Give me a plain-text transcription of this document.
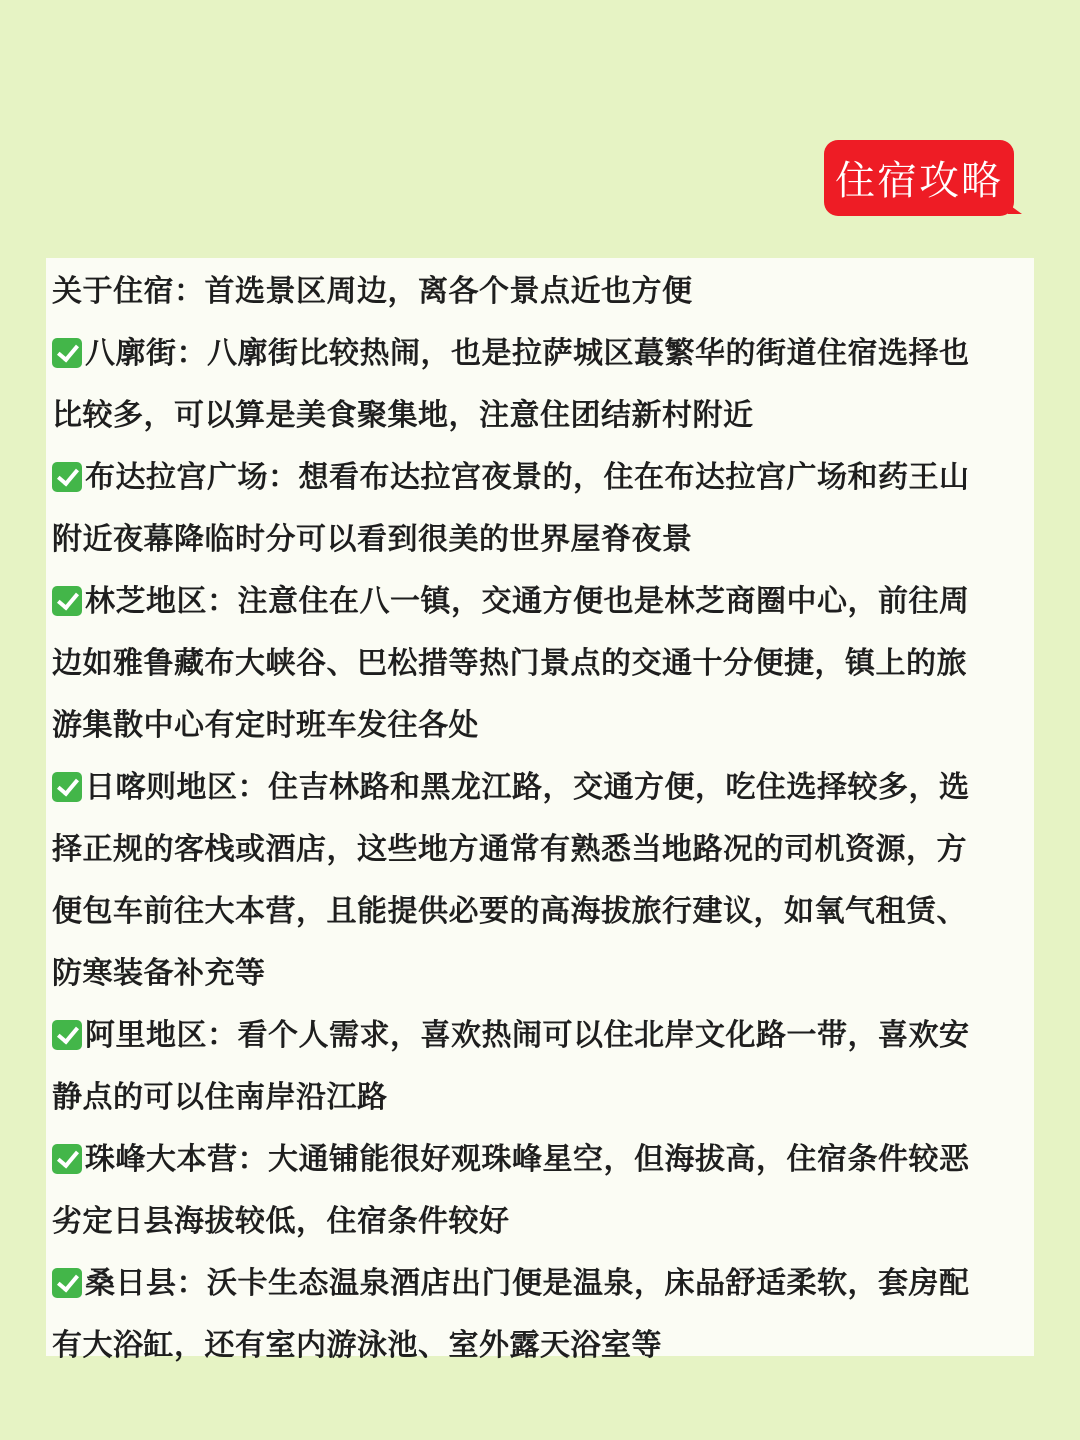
住宿攻略
关于住宿：首选景区周边，离各个景点近也方便
八廓街：八廓街比较热闹，也是拉萨城区蕞繁华的街道住宿选择也
比较多，可以算是美食聚集地，注意住团结新村附近
布达拉宫广场：想看布达拉宫夜景的，住在布达拉宫广场和药王山
附近夜幕降临时分可以看到很美的世界屋脊夜景
林芝地区：注意住在八一镇，交通方便也是林芝商圈中心，前往周
边如雅鲁藏布大峡谷、巴松措等热门景点的交通十分便捷，镇上的旅
游集散中心有定时班车发往各处
日喀则地区：住吉林路和黑龙江路，交通方便，吃住选择较多，选
择正规的客栈或酒店，这些地方通常有熟悉当地路况的司机资源，方
便包车前往大本营，且能提供必要的高海拔旅行建议，如氧气租赁、
防寒装备补充等
阿里地区：看个人需求，喜欢热闹可以住北岸文化路一带，喜欢安
静点的可以住南岸沿江路
珠峰大本营：大通铺能很好观珠峰星空，但海拔高，住宿条件较恶
劣定日县海拔较低，住宿条件较好
桑日县：沃卡生态温泉酒店出门便是温泉，床品舒适柔软，套房配
有大浴缸，还有室内游泳池、室外露天浴室等
